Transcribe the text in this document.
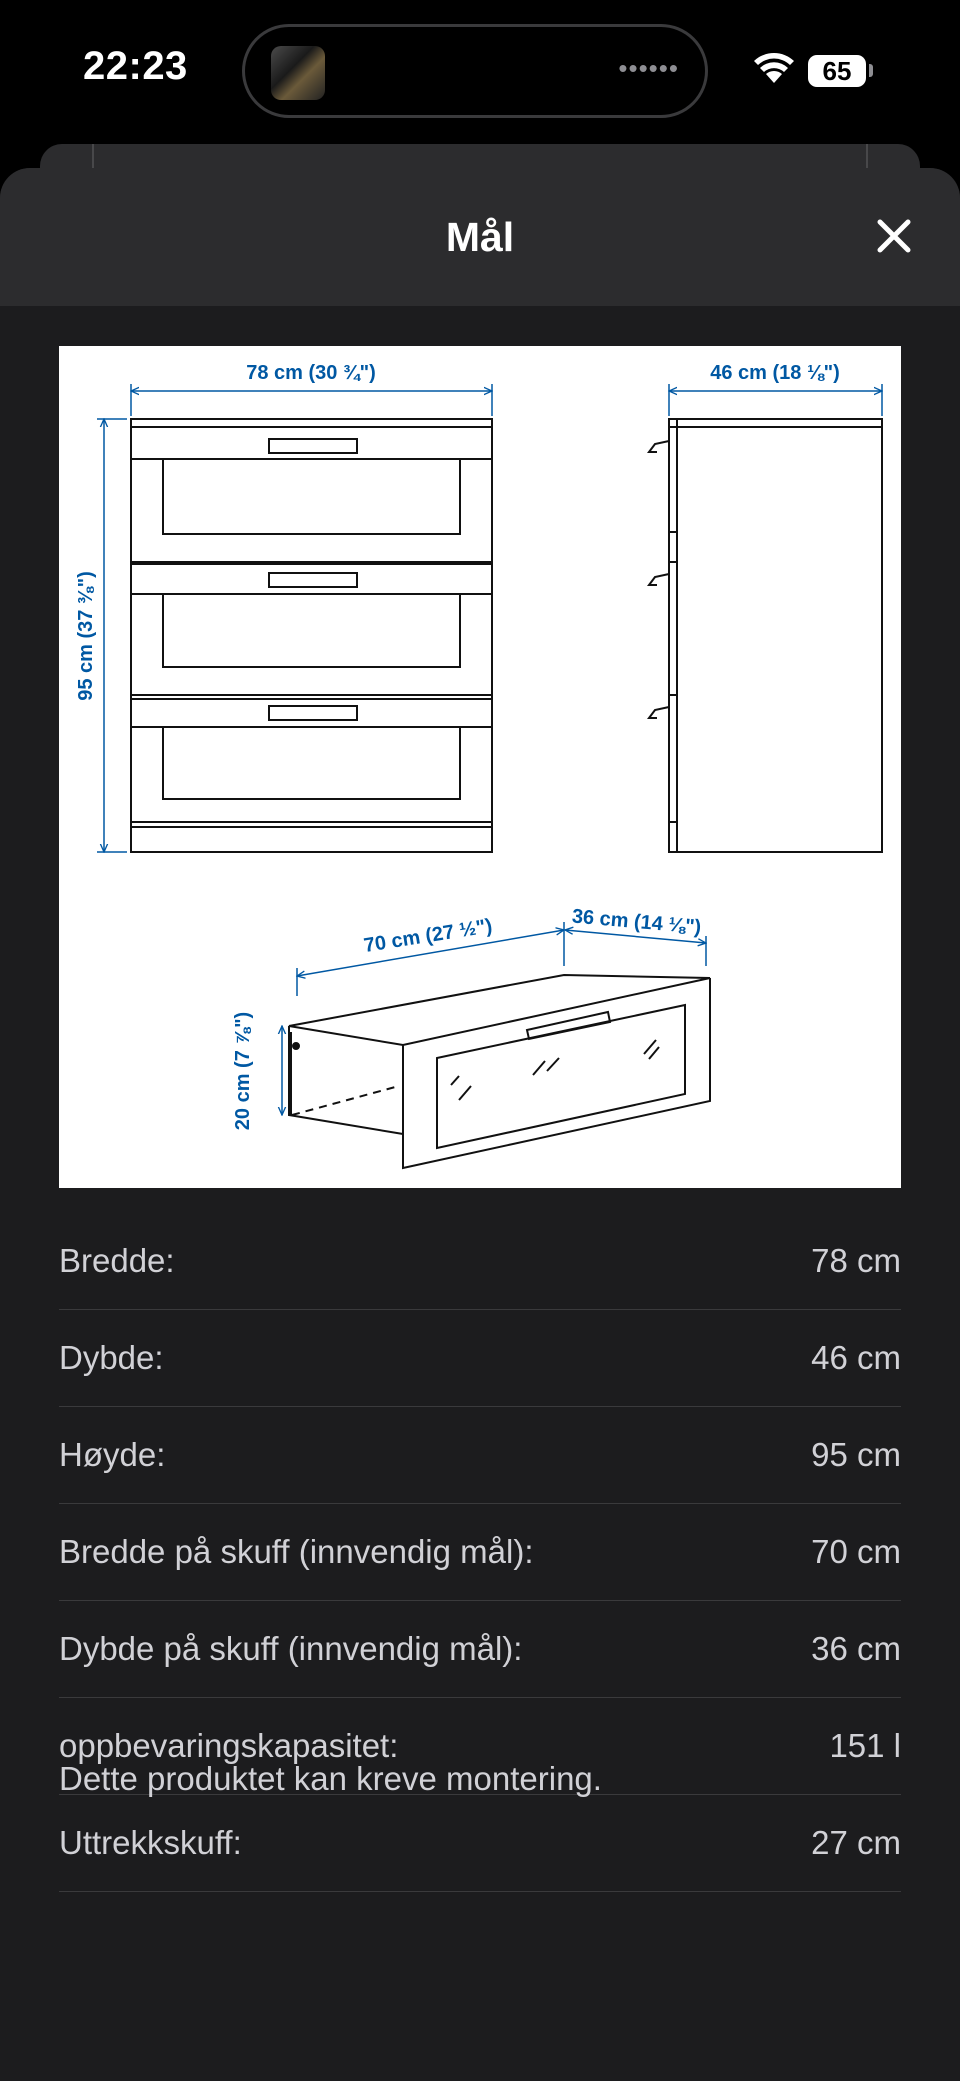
22:23	••••••	65
Mål
78 cm (30 ¾")	46 cm (18 ⅛")
95 cm (37 ⅜")
70 cm (27 ½")	36 cm (14 ⅛")
20 cm (7 ⅞")
Bredde:	78 cm
Dybde:	46 cm
Høyde:	95 cm
Bredde på skuff (innvendig mål):	70 cm
Dybde på skuff (innvendig mål):	36 cm
oppbevaringskapasitet:	151 l
Uttrekkskuff:	27 cm
Dette produktet kan kreve montering.
